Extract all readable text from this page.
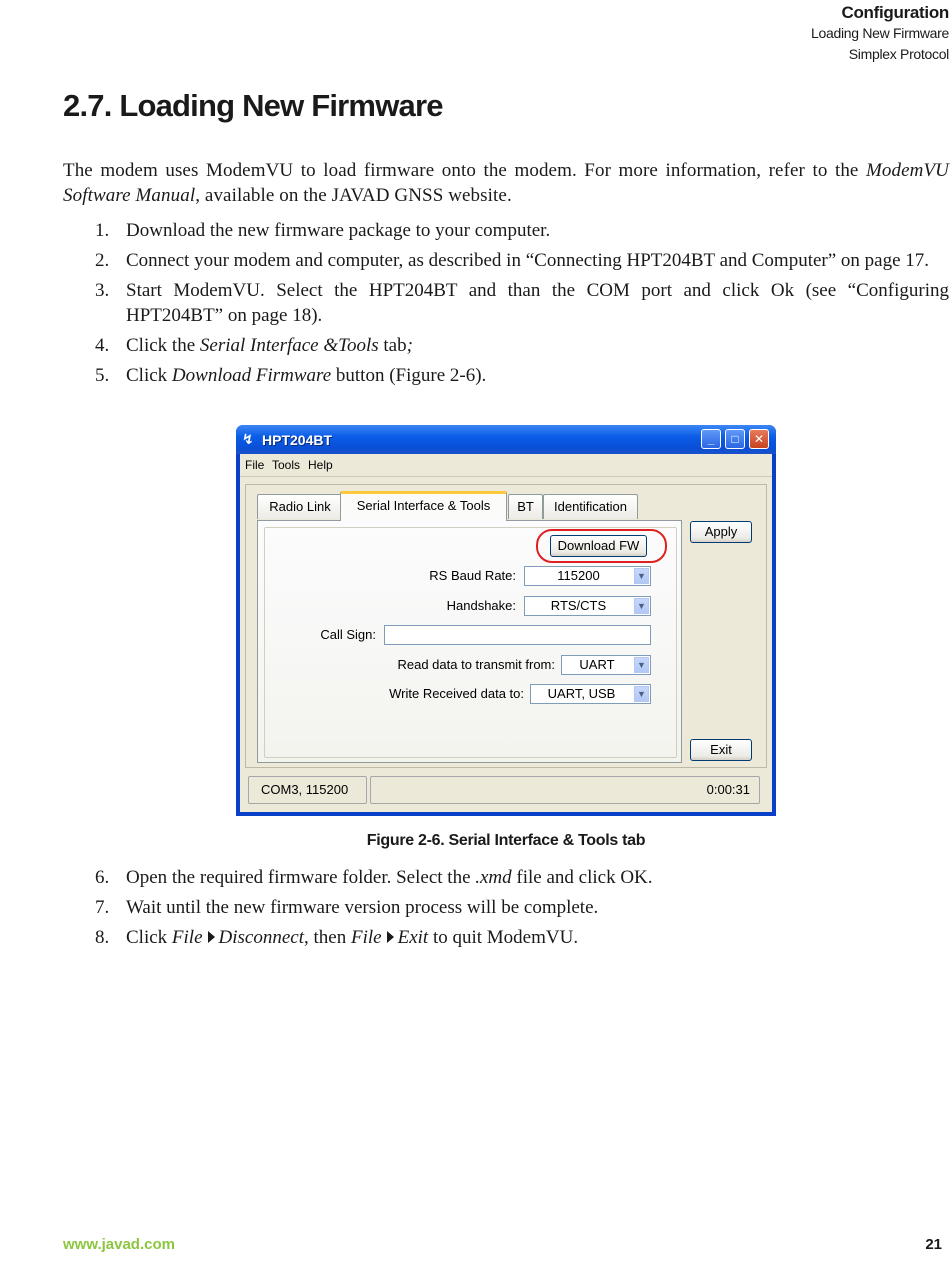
Configuration
Loading New Firmware
Simplex Protocol
2.7. Loading New Firmware
The modem uses ModemVU to load firmware onto the modem. For more information, refer to the ModemVU Software Manual, available on the JAVAD GNSS website.
1. Download the new firmware package to your computer.
2. Connect your modem and computer, as described in “Connecting HPT204BT and Computer” on page 17.
3. Start ModemVU. Select the HPT204BT and than the COM port and click Ok (see “Configuring HPT204BT” on page 18).
4. Click the Serial Interface &Tools tab;
5. Click Download Firmware button (Figure 2-6).
↯ HPT204BT	_	□	✕
File Tools Help
Radio Link	Serial Interface & Tools	BT	Identification
Download FW
RS Baud Rate:	115200	▼
Handshake:	RTS/CTS	▼
Call Sign:
Read data to transmit from:	UART	▼
Write Received data to:	UART, USB	▼
Apply
Exit
COM3, 115200	0:00:31
Figure 2-6. Serial Interface & Tools tab
6. Open the required firmware folder. Select the .xmd file and click OK.
7. Wait until the new firmware version process will be complete.
8. Click File Disconnect, then File Exit to quit ModemVU.
www.javad.com	21
